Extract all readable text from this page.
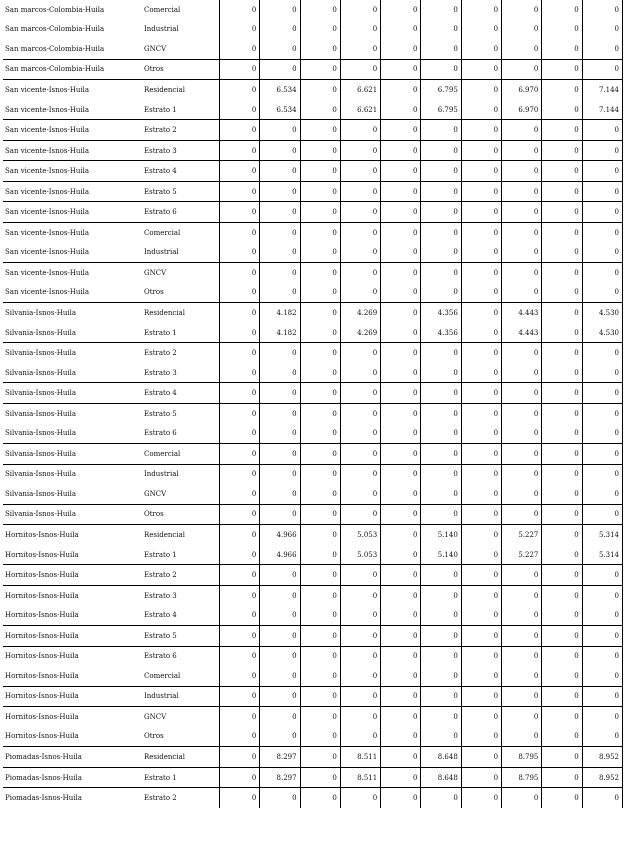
San marcos-Colombia-Huila	Comercial	0	0	0	0	0	0	0	0	0	0
San marcos-Colombia-Huila	Industrial	0	0	0	0	0	0	0	0	0	0
San marcos-Colombia-Huila	GNCV	0	0	0	0	0	0	0	0	0	0
San marcos-Colombia-Huila	Otros	0	0	0	0	0	0	0	0	0	0
San vicente-Isnos-Huila	Residencial	0	6.534	0	6.621	0	6.795	0	6.970	0	7.144
San vicente-Isnos-Huila	Estrato 1	0	6.534	0	6.621	0	6.795	0	6.970	0	7.144
San vicente-Isnos-Huila	Estrato 2	0	0	0	0	0	0	0	0	0	0
San vicente-Isnos-Huila	Estrato 3	0	0	0	0	0	0	0	0	0	0
San vicente-Isnos-Huila	Estrato 4	0	0	0	0	0	0	0	0	0	0
San vicente-Isnos-Huila	Estrato 5	0	0	0	0	0	0	0	0	0	0
San vicente-Isnos-Huila	Estrato 6	0	0	0	0	0	0	0	0	0	0
San vicente-Isnos-Huila	Comercial	0	0	0	0	0	0	0	0	0	0
San vicente-Isnos-Huila	Industrial	0	0	0	0	0	0	0	0	0	0
San vicente-Isnos-Huila	GNCV	0	0	0	0	0	0	0	0	0	0
San vicente-Isnos-Huila	Otros	0	0	0	0	0	0	0	0	0	0
Silvania-Isnos-Huila	Residencial	0	4.182	0	4.269	0	4.356	0	4.443	0	4.530
Silvania-Isnos-Huila	Estrato 1	0	4.182	0	4.269	0	4.356	0	4.443	0	4.530
Silvania-Isnos-Huila	Estrato 2	0	0	0	0	0	0	0	0	0	0
Silvania-Isnos-Huila	Estrato 3	0	0	0	0	0	0	0	0	0	0
Silvania-Isnos-Huila	Estrato 4	0	0	0	0	0	0	0	0	0	0
Silvania-Isnos-Huila	Estrato 5	0	0	0	0	0	0	0	0	0	0
Silvania-Isnos-Huila	Estrato 6	0	0	0	0	0	0	0	0	0	0
Silvania-Isnos-Huila	Comercial	0	0	0	0	0	0	0	0	0	0
Silvania-Isnos-Huila	Industrial	0	0	0	0	0	0	0	0	0	0
Silvania-Isnos-Huila	GNCV	0	0	0	0	0	0	0	0	0	0
Silvania-Isnos-Huila	Otros	0	0	0	0	0	0	0	0	0	0
Hornitos-Isnos-Huila	Residencial	0	4.966	0	5.053	0	5.140	0	5.227	0	5.314
Hornitos-Isnos-Huila	Estrato 1	0	4.966	0	5.053	0	5.140	0	5.227	0	5.314
Hornitos-Isnos-Huila	Estrato 2	0	0	0	0	0	0	0	0	0	0
Hornitos-Isnos-Huila	Estrato 3	0	0	0	0	0	0	0	0	0	0
Hornitos-Isnos-Huila	Estrato 4	0	0	0	0	0	0	0	0	0	0
Hornitos-Isnos-Huila	Estrato 5	0	0	0	0	0	0	0	0	0	0
Hornitos-Isnos-Huila	Estrato 6	0	0	0	0	0	0	0	0	0	0
Hornitos-Isnos-Huila	Comercial	0	0	0	0	0	0	0	0	0	0
Hornitos-Isnos-Huila	Industrial	0	0	0	0	0	0	0	0	0	0
Hornitos-Isnos-Huila	GNCV	0	0	0	0	0	0	0	0	0	0
Hornitos-Isnos-Huila	Otros	0	0	0	0	0	0	0	0	0	0
Piomadas-Isnos-Huila	Residencial	0	8.297	0	8.511	0	8.648	0	8.795	0	8.952
Piomadas-Isnos-Huila	Estrato 1	0	8.297	0	8.511	0	8.648	0	8.795	0	8.952
Piomadas-Isnos-Huila	Estrato 2	0	0	0	0	0	0	0	0	0	0
